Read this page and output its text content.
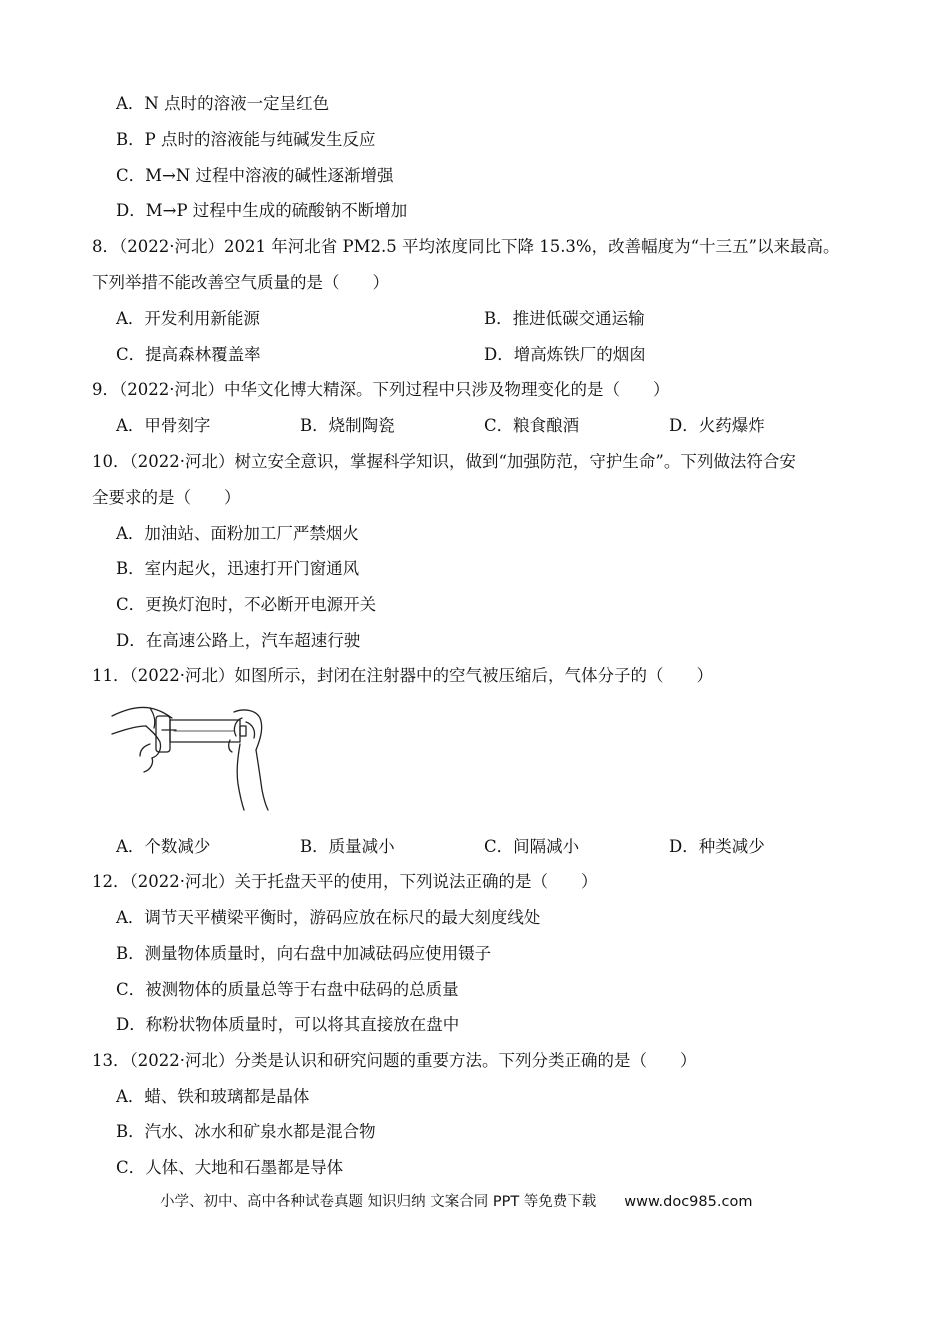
A．N 点时的溶液一定呈红色
B．P 点时的溶液能与纯碱发生反应
C．M→N 过程中溶液的碱性逐渐增强
D．M→P 过程中生成的硫酸钠不断增加
8．（2022·河北）2021 年河北省 PM2.5 平均浓度同比下降 15.3%，改善幅度为“十三五”以来最高。
下列举措不能改善空气质量的是（　　）
A．开发利用新能源	B．推进低碳交通运输
C．提高森林覆盖率	D．增高炼铁厂的烟囱
9．（2022·河北）中华文化博大精深。下列过程中只涉及物理变化的是（　　）
A．甲骨刻字	B．烧制陶瓷	C．粮食酿酒	D．火药爆炸
10．（2022·河北）树立安全意识，掌握科学知识，做到“加强防范，守护生命”。下列做法符合安
全要求的是（　　）
A．加油站、面粉加工厂严禁烟火
B．室内起火，迅速打开门窗通风
C．更换灯泡时，不必断开电源开关
D．在高速公路上，汽车超速行驶
11．（2022·河北）如图所示，封闭在注射器中的空气被压缩后，气体分子的（　　）
A．个数减少	B．质量减小	C．间隔减小	D．种类减少
12．（2022·河北）关于托盘天平的使用，下列说法正确的是（　　）
A．调节天平横梁平衡时，游码应放在标尺的最大刻度线处
B．测量物体质量时，向右盘中加减砝码应使用镊子
C．被测物体的质量总等于右盘中砝码的总质量
D．称粉状物体质量时，可以将其直接放在盘中
13．（2022·河北）分类是认识和研究问题的重要方法。下列分类正确的是（　　）
A．蜡、铁和玻璃都是晶体
B．汽水、冰水和矿泉水都是混合物
C．人体、大地和石墨都是导体
小学、初中、高中各种试卷真题 知识归纳 文案合同 PPT 等免费下载 www.doc985.com
